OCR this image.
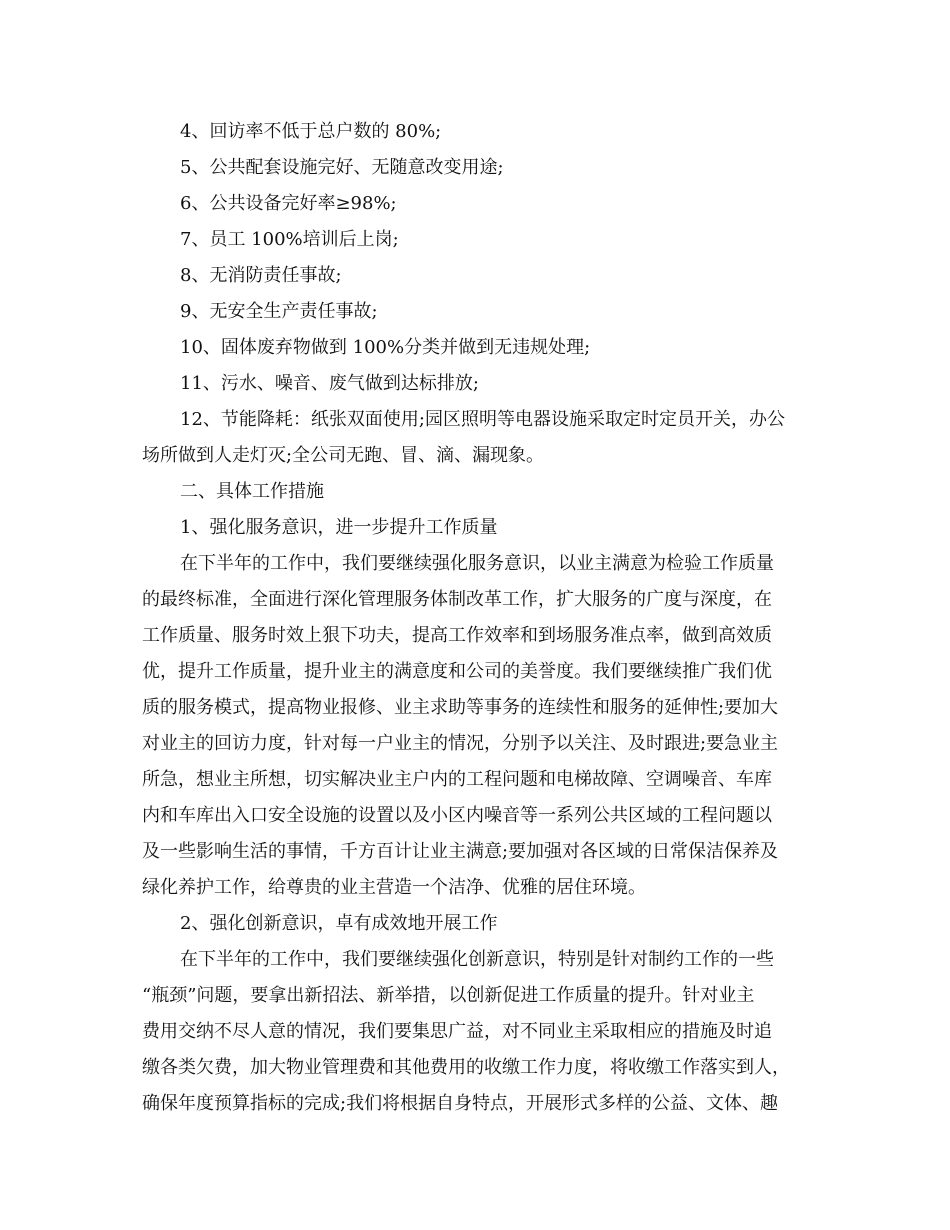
4、回访率不低于总户数的 80%;
5、公共配套设施完好、无随意改变用途;
6、公共设备完好率≥98%;
7、员工 100%培训后上岗;
8、无消防责任事故;
9、无安全生产责任事故;
10、固体废弃物做到 100%分类并做到无违规处理;
11、污水、噪音、废气做到达标排放;
12、节能降耗：纸张双面使用;园区照明等电器设施采取定时定员开关，办公
场所做到人走灯灭;全公司无跑、冒、滴、漏现象。
二、具体工作措施
1、强化服务意识，进一步提升工作质量
在下半年的工作中，我们要继续强化服务意识，以业主满意为检验工作质量
的最终标准，全面进行深化管理服务体制改革工作，扩大服务的广度与深度，在
工作质量、服务时效上狠下功夫，提高工作效率和到场服务准点率，做到高效质
优，提升工作质量，提升业主的满意度和公司的美誉度。我们要继续推广我们优
质的服务模式，提高物业报修、业主求助等事务的连续性和服务的延伸性;要加大
对业主的回访力度，针对每一户业主的情况，分别予以关注、及时跟进;要急业主
所急，想业主所想，切实解决业主户内的工程问题和电梯故障、空调噪音、车库
内和车库出入口安全设施的设置以及小区内噪音等一系列公共区域的工程问题以
及一些影响生活的事情，千方百计让业主满意;要加强对各区域的日常保洁保养及
绿化养护工作，给尊贵的业主营造一个洁净、优雅的居住环境。
2、强化创新意识，卓有成效地开展工作
在下半年的工作中，我们要继续强化创新意识，特别是针对制约工作的一些
“瓶颈”问题，要拿出新招法、新举措，以创新促进工作质量的提升。针对业主
费用交纳不尽人意的情况，我们要集思广益，对不同业主采取相应的措施及时追
缴各类欠费，加大物业管理费和其他费用的收缴工作力度，将收缴工作落实到人，
确保年度预算指标的完成;我们将根据自身特点，开展形式多样的公益、文体、趣
